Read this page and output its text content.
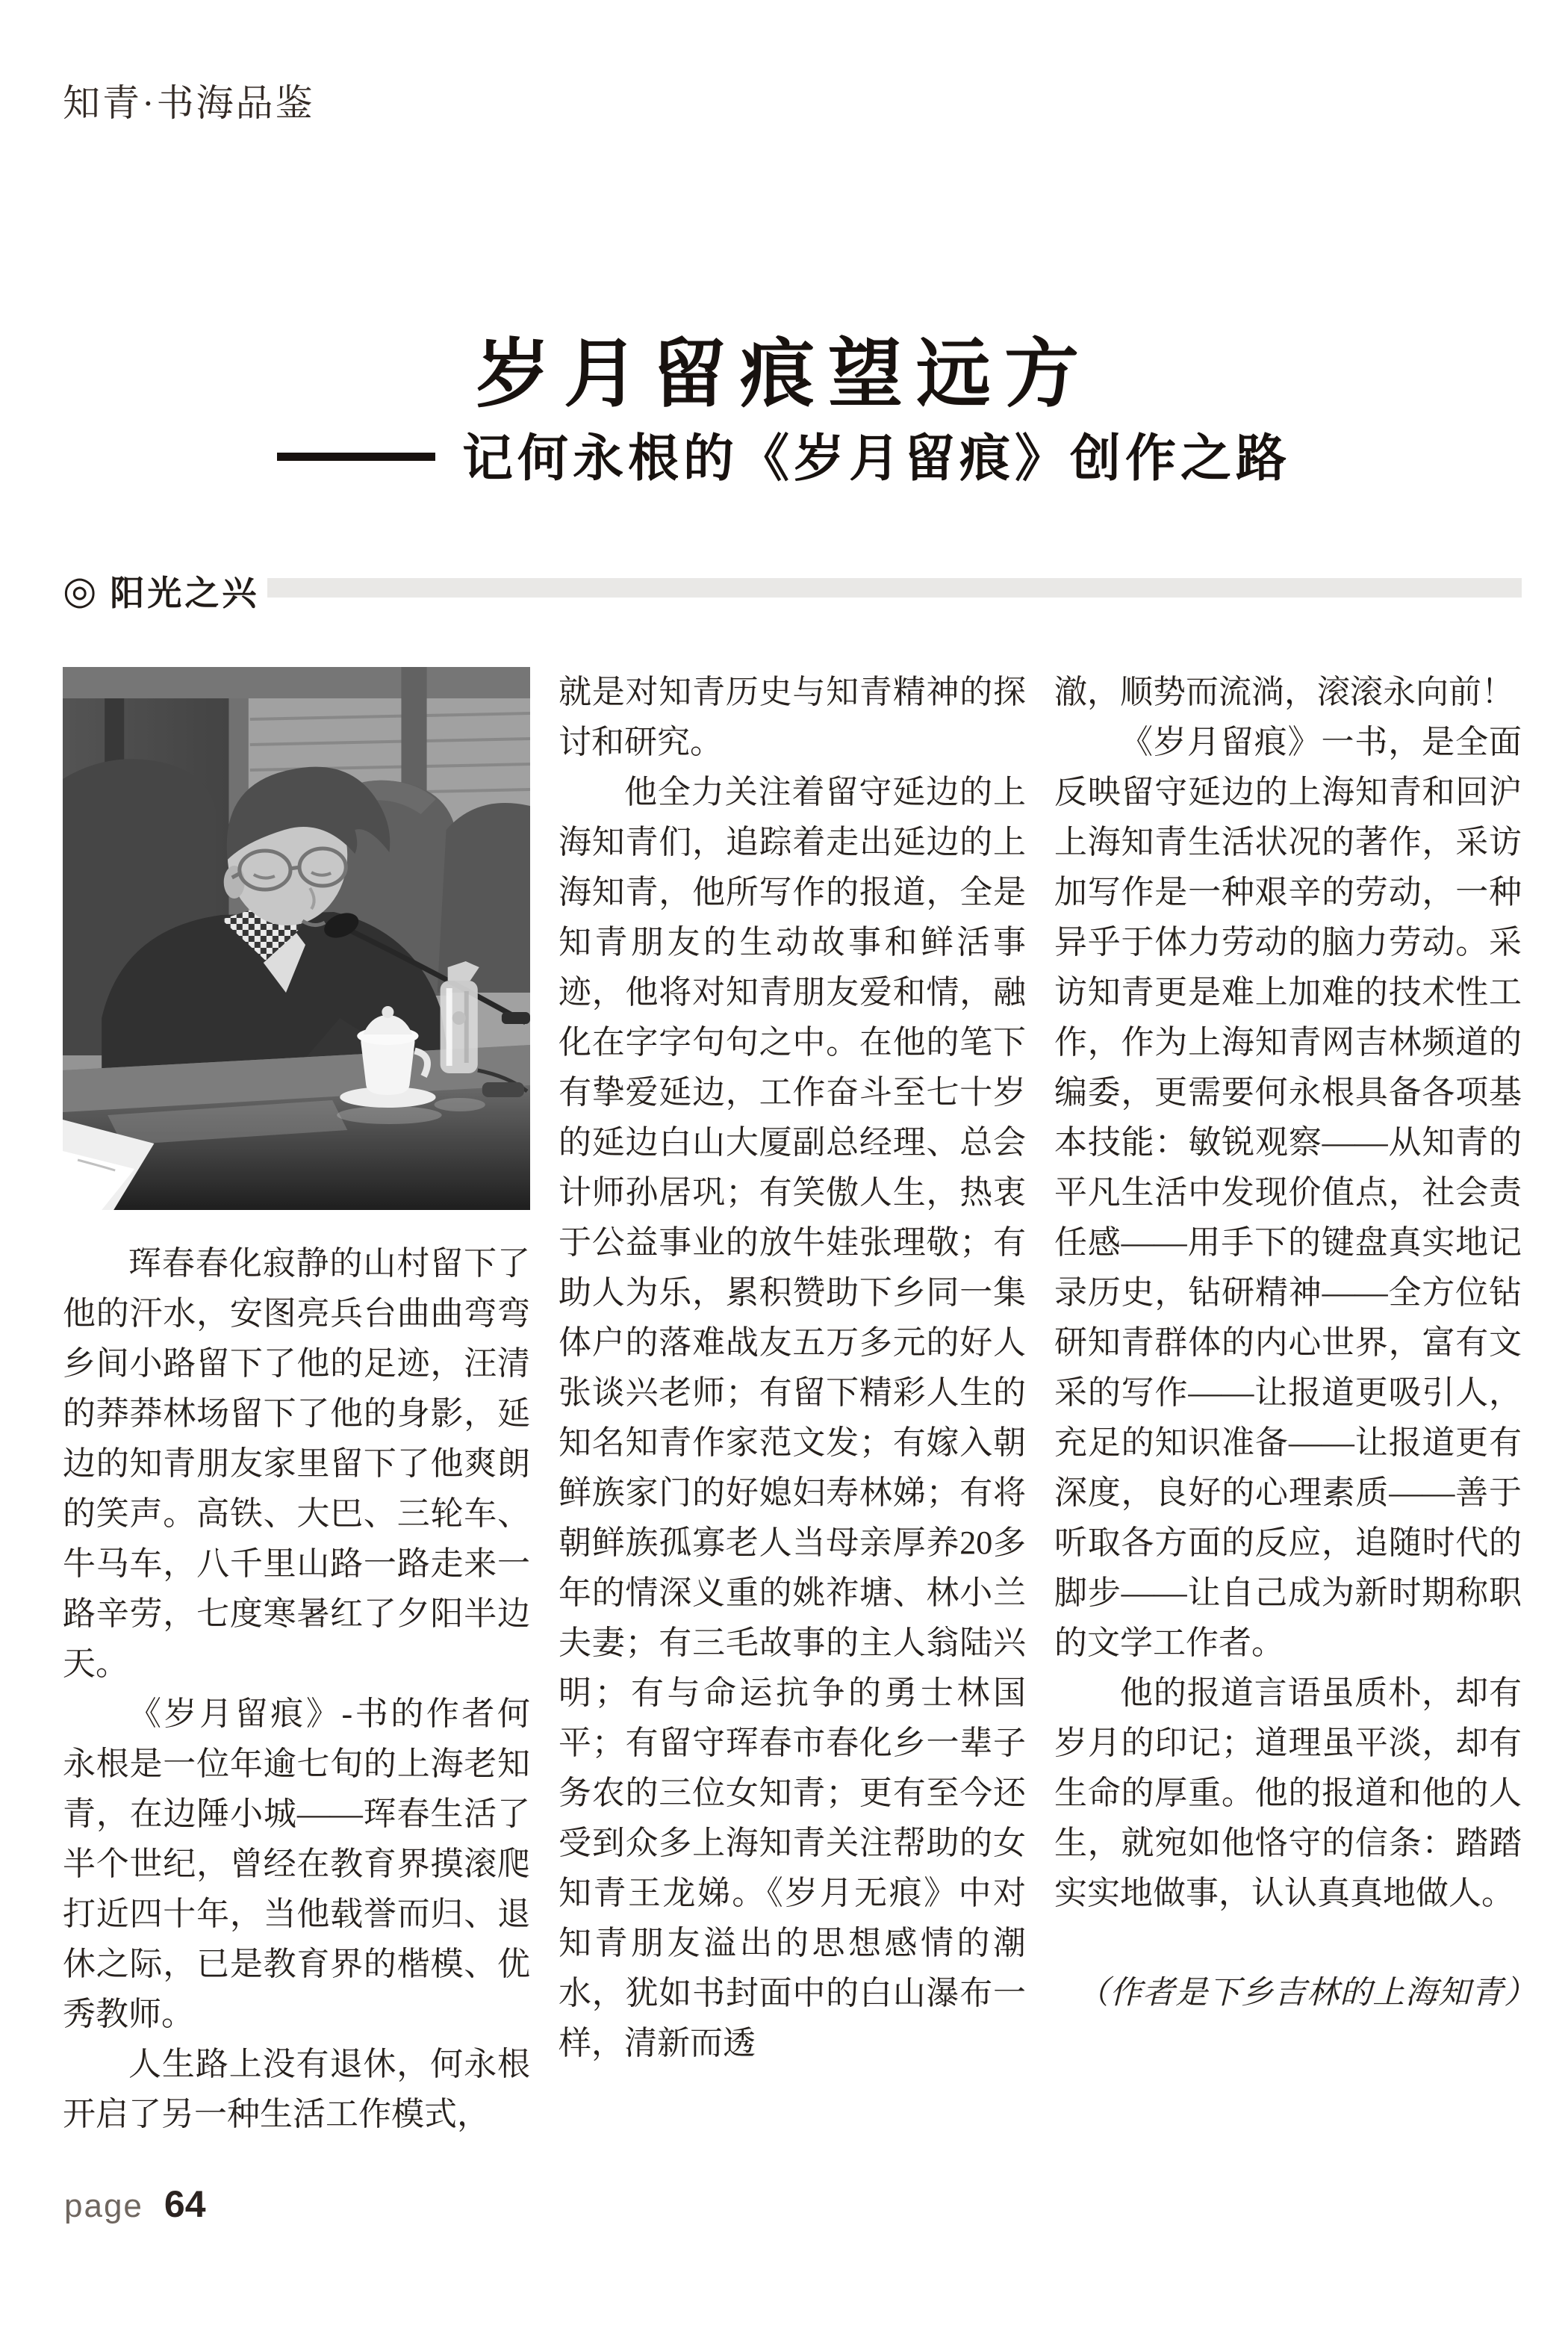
知青·书海品鉴
岁月留痕望远方
记何永根的《岁月留痕》创作之路
◎ 阳光之兴

珲春春化寂静的山村留下了他的汗水，安图亮兵台曲曲弯弯乡间小路留下了他的足迹，汪清的莽莽林场留下了他的身影，延边的知青朋友家里留下了他爽朗的笑声。高铁、大巴、三轮车、牛马车，八千里山路一路走来一路辛劳，七度寒暑红了夕阳半边天。

《岁月留痕》-书的作者何永根是一位年逾七旬的上海老知青，在边陲小城——珲春生活了半个世纪，曾经在教育界摸滚爬打近四十年，当他载誉而归、退休之际，已是教育界的楷模、优秀教师。

人生路上没有退休，何永根开启了另一种生活工作模式，

就是对知青历史与知青精神的探讨和研究。

他全力关注着留守延边的上海知青们，追踪着走出延边的上海知青，他所写作的报道，全是知青朋友的生动故事和鲜活事迹，他将对知青朋友爱和情，融化在字字句句之中。在他的笔下有挚爱延边，工作奋斗至七十岁的延边白山大厦副总经理、总会计师孙居巩；有笑傲人生，热衷于公益事业的放牛娃张理敬；有助人为乐，累积赞助下乡同一集体户的落难战友五万多元的好人张谈兴老师；有留下精彩人生的知名知青作家范文发；有嫁入朝鲜族家门的好媳妇寿林娣；有将朝鲜族孤寡老人当母亲厚养20多年的情深义重的姚祚塘、林小兰夫妻；有三毛故事的主人翁陆兴明；有与命运抗争的勇士林国平；有留守珲春市春化乡一辈子务农的三位女知青；更有至今还受到众多上海知青关注帮助的女知青王龙娣。《岁月无痕》中对知青朋友溢出的思想感情的潮水，犹如书封面中的白山瀑布一样，清新而透

澈，顺势而流淌，滚滚永向前！

《岁月留痕》一书，是全面反映留守延边的上海知青和回沪上海知青生活状况的著作，采访加写作是一种艰辛的劳动，一种异乎于体力劳动的脑力劳动。采访知青更是难上加难的技术性工作，作为上海知青网吉林频道的编委，更需要何永根具备各项基本技能：敏锐观察——从知青的平凡生活中发现价值点，社会责任感——用手下的键盘真实地记录历史，钻研精神——全方位钻研知青群体的内心世界，富有文采的写作——让报道更吸引人，充足的知识准备——让报道更有深度，良好的心理素质——善于听取各方面的反应，追随时代的脚步——让自己成为新时期称职的文学工作者。

他的报道言语虽质朴，却有岁月的印记；道理虽平淡，却有生命的厚重。他的报道和他的人生，就宛如他恪守的信条：踏踏实实地做事，认认真真地做人。

（作者是下乡吉林的上海知青）

page 64
